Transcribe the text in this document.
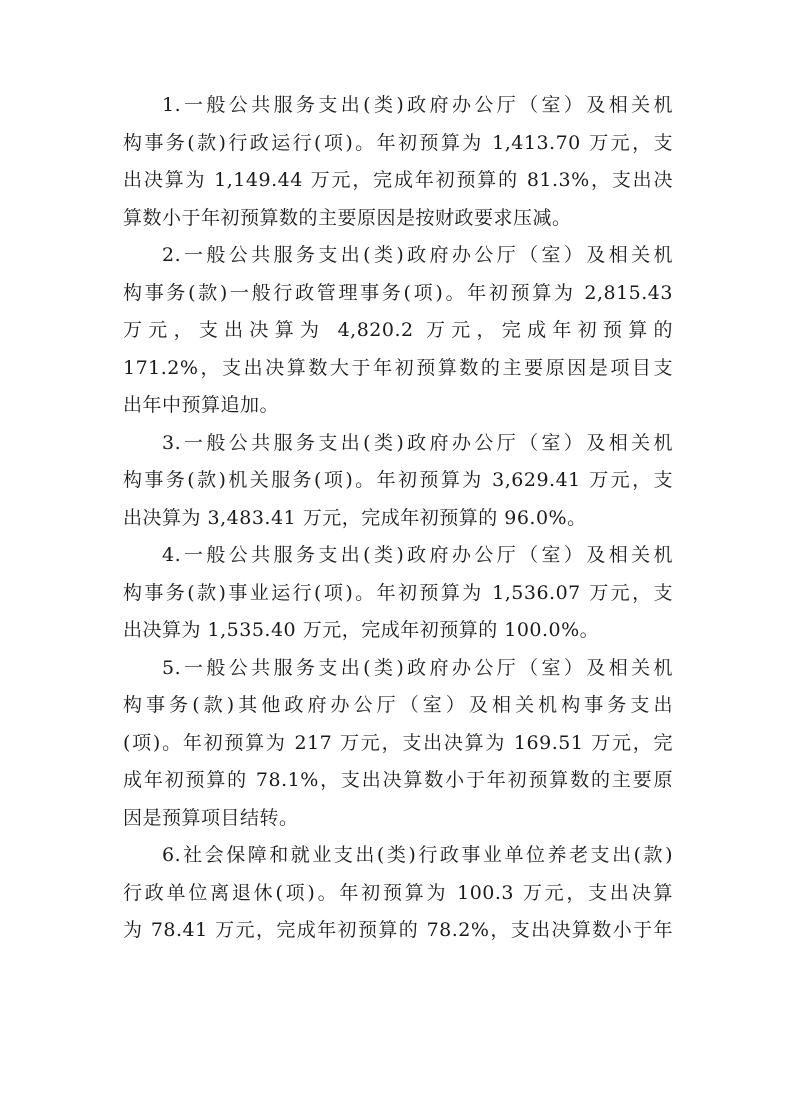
1.一般公共服务支出(类)政府办公厅（室）及相关机
构事务(款)行政运行(项)。年初预算为 1,413.70 万元，支
出决算为 1,149.44 万元，完成年初预算的 81.3%，支出决
算数小于年初预算数的主要原因是按财政要求压减。
2.一般公共服务支出(类)政府办公厅（室）及相关机
构事务(款)一般行政管理事务(项)。年初预算为 2,815.43
万元，支出决算为 4,820.2 万元，完成年初预算的
171.2%，支出决算数大于年初预算数的主要原因是项目支
出年中预算追加。
3.一般公共服务支出(类)政府办公厅（室）及相关机
构事务(款)机关服务(项)。年初预算为 3,629.41 万元，支
出决算为 3,483.41 万元，完成年初预算的 96.0%。
4.一般公共服务支出(类)政府办公厅（室）及相关机
构事务(款)事业运行(项)。年初预算为 1,536.07 万元，支
出决算为 1,535.40 万元，完成年初预算的 100.0%。
5.一般公共服务支出(类)政府办公厅（室）及相关机
构事务(款)其他政府办公厅（室）及相关机构事务支出
(项)。年初预算为 217 万元，支出决算为 169.51 万元，完
成年初预算的 78.1%，支出决算数小于年初预算数的主要原
因是预算项目结转。
6.社会保障和就业支出(类)行政事业单位养老支出(款)
行政单位离退休(项)。年初预算为 100.3 万元，支出决算
为 78.41 万元，完成年初预算的 78.2%，支出决算数小于年
